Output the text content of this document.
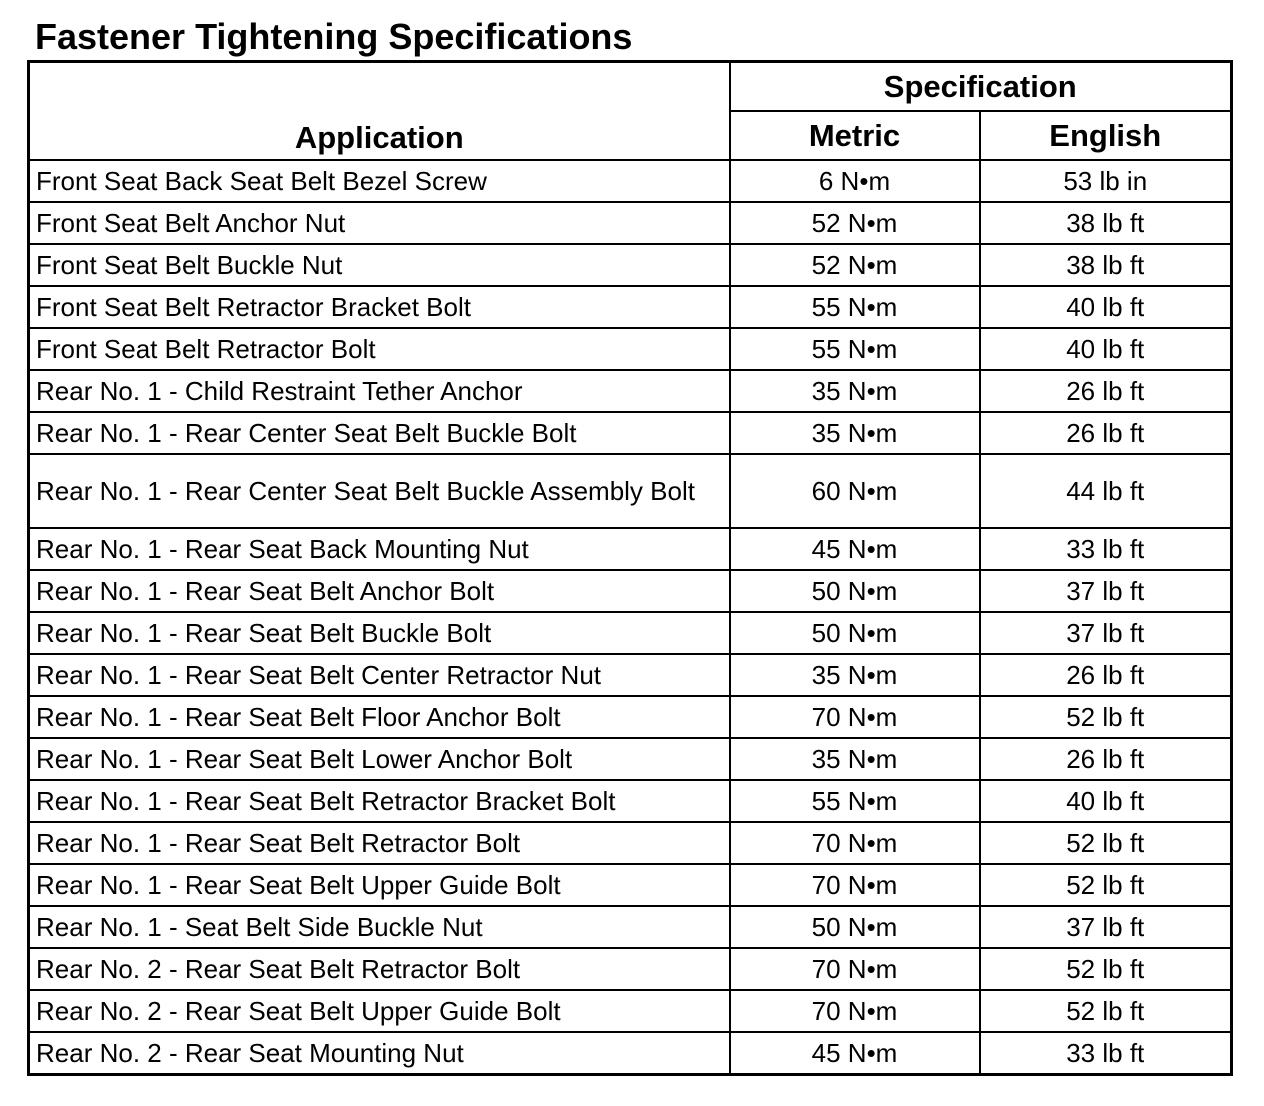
Fastener Tightening Specifications
Application	Specification	
	Metric	English
Front Seat Back Seat Belt Bezel Screw	6 N•m	53 lb in
Front Seat Belt Anchor Nut	52 N•m	38 lb ft
Front Seat Belt Buckle Nut	52 N•m	38 lb ft
Front Seat Belt Retractor Bracket Bolt	55 N•m	40 lb ft
Front Seat Belt Retractor Bolt	55 N•m	40 lb ft
Rear No. 1 - Child Restraint Tether Anchor	35 N•m	26 lb ft
Rear No. 1 - Rear Center Seat Belt Buckle Bolt	35 N•m	26 lb ft
Rear No. 1 - Rear Center Seat Belt Buckle Assembly Bolt	60 N•m	44 lb ft
Rear No. 1 - Rear Seat Back Mounting Nut	45 N•m	33 lb ft
Rear No. 1 - Rear Seat Belt Anchor Bolt	50 N•m	37 lb ft
Rear No. 1 - Rear Seat Belt Buckle Bolt	50 N•m	37 lb ft
Rear No. 1 - Rear Seat Belt Center Retractor Nut	35 N•m	26 lb ft
Rear No. 1 - Rear Seat Belt Floor Anchor Bolt	70 N•m	52 lb ft
Rear No. 1 - Rear Seat Belt Lower Anchor Bolt	35 N•m	26 lb ft
Rear No. 1 - Rear Seat Belt Retractor Bracket Bolt	55 N•m	40 lb ft
Rear No. 1 - Rear Seat Belt Retractor Bolt	70 N•m	52 lb ft
Rear No. 1 - Rear Seat Belt Upper Guide Bolt	70 N•m	52 lb ft
Rear No. 1 - Seat Belt Side Buckle Nut	50 N•m	37 lb ft
Rear No. 2 - Rear Seat Belt Retractor Bolt	70 N•m	52 lb ft
Rear No. 2 - Rear Seat Belt Upper Guide Bolt	70 N•m	52 lb ft
Rear No. 2 - Rear Seat Mounting Nut	45 N•m	33 lb ft
